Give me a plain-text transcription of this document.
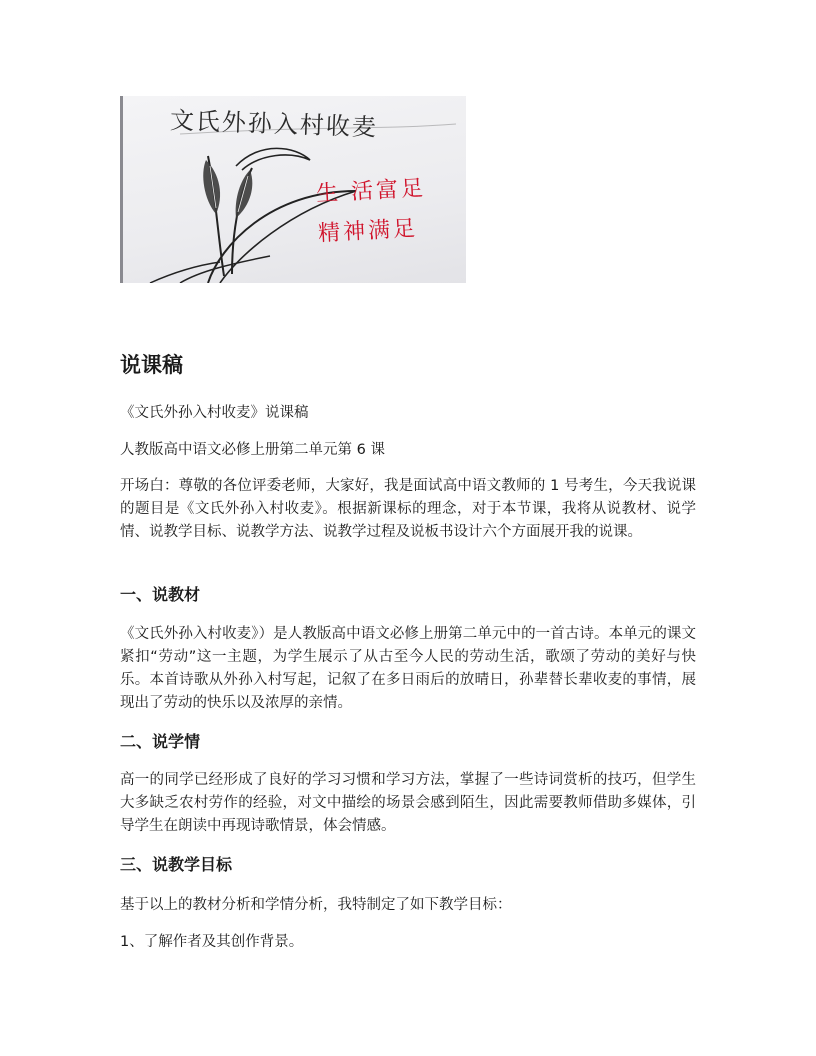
文氏外孙入村收麦
生 活富足
精神满足
说课稿

《文氏外孙入村收麦》说课稿

人教版高中语文必修上册第二单元第 6 课

开场白：尊敬的各位评委老师，大家好，我是面试高中语文教师的 1 号考生，今天我说课的题目是《文氏外孙入村收麦》。根据新课标的理念，对于本节课，我将从说教材、说学情、说教学目标、说教学方法、说教学过程及说板书设计六个方面展开我的说课。

一、说教材

《文氏外孙入村收麦》）是人教版高中语文必修上册第二单元中的一首古诗。本单元的课文紧扣“劳动”这一主题，为学生展示了从古至今人民的劳动生活，歌颂了劳动的美好与快乐。本首诗歌从外孙入村写起，记叙了在多日雨后的放晴日，孙辈替长辈收麦的事情，展现出了劳动的快乐以及浓厚的亲情。

二、说学情

高一的同学已经形成了良好的学习习惯和学习方法，掌握了一些诗词赏析的技巧，但学生大多缺乏农村劳作的经验，对文中描绘的场景会感到陌生，因此需要教师借助多媒体，引导学生在朗读中再现诗歌情景，体会情感。

三、说教学目标

基于以上的教材分析和学情分析，我特制定了如下教学目标：

1、了解作者及其创作背景。
